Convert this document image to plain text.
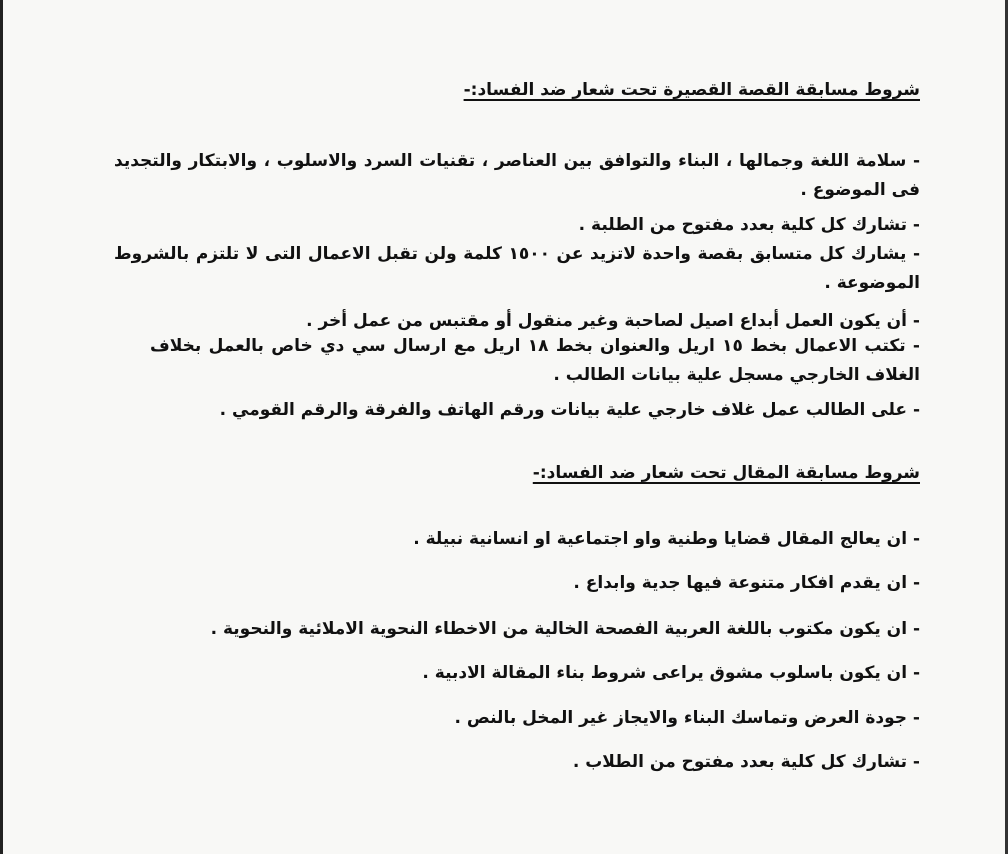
شروط مسابقة القصة القصيرة تحت شعار ضد الفساد:-
- سلامة اللغة وجمالها ، البناء والتوافق بين العناصر ، تقنيات السرد والاسلوب ، والابتكار والتجديد فى الموضوع .
- تشارك كل كلية بعدد مفتوح من الطلبة .
- يشارك كل متسابق بقصة واحدة لاتزيد عن ١٥٠٠ كلمة ولن تقبل الاعمال التى لا تلتزم بالشروط الموضوعة .
- أن يكون العمل أبداع اصيل لصاحبة وغير منقول أو مقتبس من عمل أخر .
- تكتب الاعمال بخط ١٥ اريل والعنوان بخط ١٨ اريل مع ارسال سي دي خاص بالعمل بخلاف الغلاف الخارجي مسجل علية بيانات الطالب .
- على الطالب عمل غلاف خارجي علية بيانات ورقم الهاتف والفرقة والرقم القومي .
شروط مسابقة المقال تحت شعار ضد الفساد:-
- ان يعالج المقال قضايا وطنية واو اجتماعية او انسانية نبيلة .
- ان يقدم افكار متنوعة فيها جدية وابداع .
- ان يكون مكتوب باللغة العربية الفصحة الخالية من الاخطاء النحوية الاملائية والنحوية .
- ان يكون باسلوب مشوق يراعى شروط بناء المقالة الادبية .
- جودة العرض وتماسك البناء والايجاز غير المخل بالنص .
- تشارك كل كلية بعدد مفتوح من الطلاب .
